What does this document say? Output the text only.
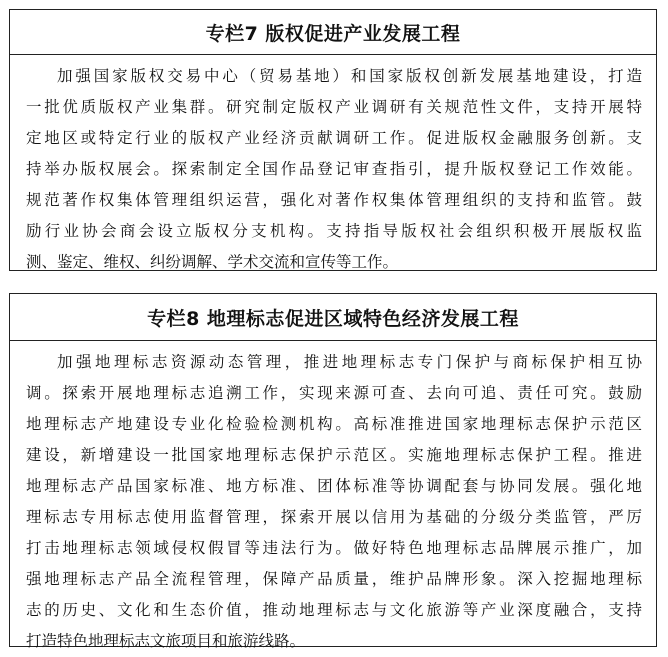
专栏7 版权促进产业发展工程
加强国家版权交易中心（贸易基地）和国家版权创新发展基地建设，打造
一批优质版权产业集群。研究制定版权产业调研有关规范性文件，支持开展特
定地区或特定行业的版权产业经济贡献调研工作。促进版权金融服务创新。支
持举办版权展会。探索制定全国作品登记审查指引，提升版权登记工作效能。
规范著作权集体管理组织运营，强化对著作权集体管理组织的支持和监管。鼓
励行业协会商会设立版权分支机构。支持指导版权社会组织积极开展版权监
测、鉴定、维权、纠纷调解、学术交流和宣传等工作。
专栏8 地理标志促进区域特色经济发展工程
加强地理标志资源动态管理，推进地理标志专门保护与商标保护相互协
调。探索开展地理标志追溯工作，实现来源可查、去向可追、责任可究。鼓励
地理标志产地建设专业化检验检测机构。高标准推进国家地理标志保护示范区
建设，新增建设一批国家地理标志保护示范区。实施地理标志保护工程。推进
地理标志产品国家标准、地方标准、团体标准等协调配套与协同发展。强化地
理标志专用标志使用监督管理，探索开展以信用为基础的分级分类监管，严厉
打击地理标志领域侵权假冒等违法行为。做好特色地理标志品牌展示推广，加
强地理标志产品全流程管理，保障产品质量，维护品牌形象。深入挖掘地理标
志的历史、文化和生态价值，推动地理标志与文化旅游等产业深度融合，支持
打造特色地理标志文旅项目和旅游线路。
